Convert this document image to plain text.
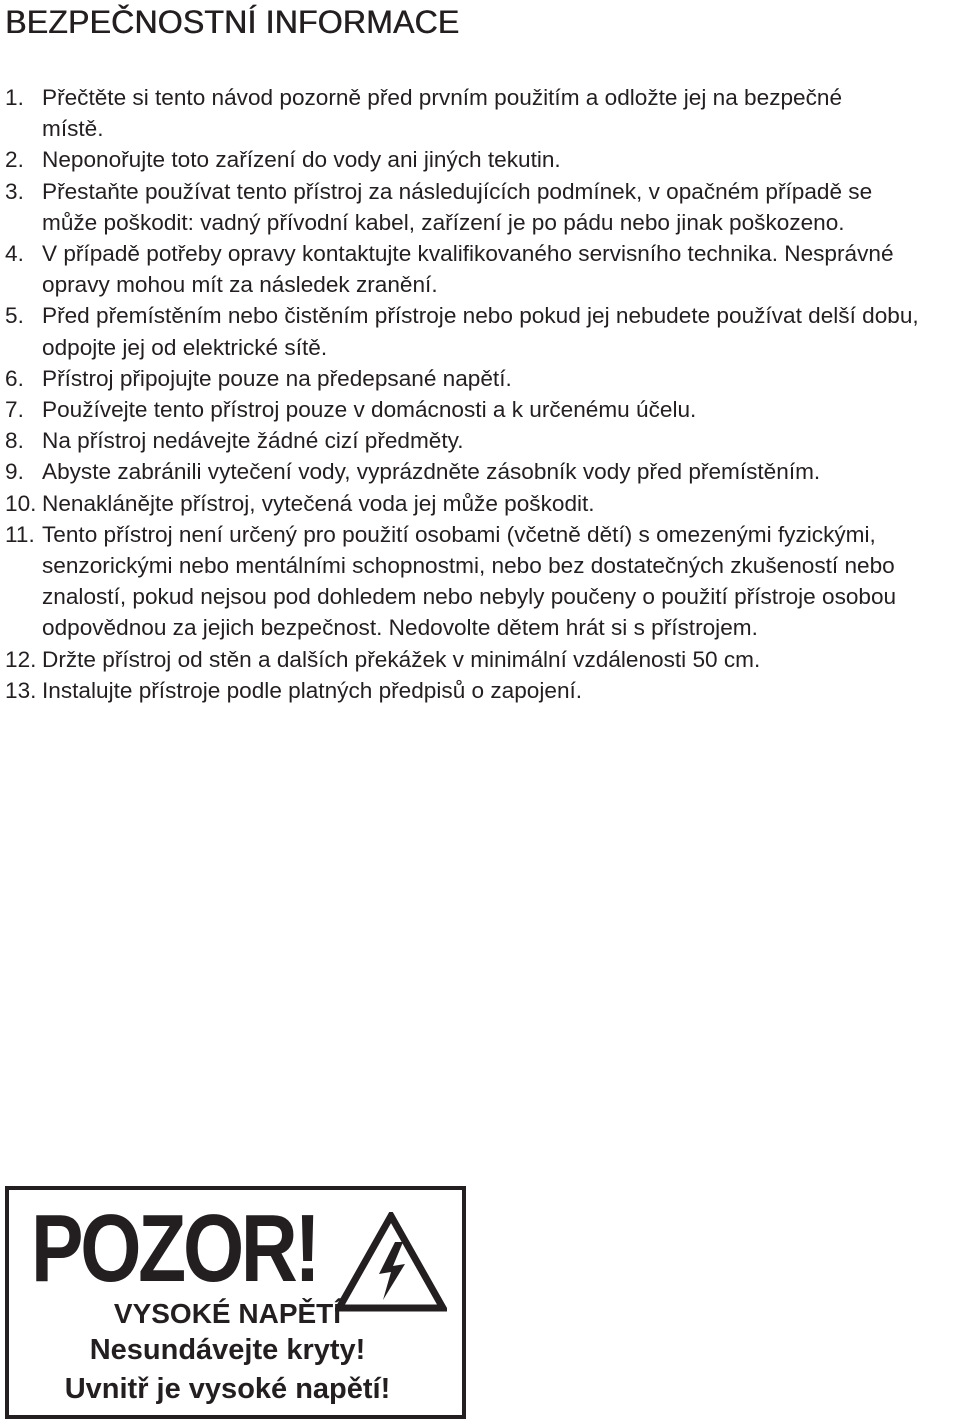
BEZPEČNOSTNÍ INFORMACE
1. Přečtěte si tento návod pozorně před prvním použitím a odložte jej na bezpečné místě.
2. Neponořujte toto zařízení do vody ani jiných tekutin.
3. Přestaňte používat tento přístroj za následujících podmínek, v opačném případě se může poškodit: vadný přívodní kabel, zařízení je po pádu nebo jinak poškozeno.
4. V případě potřeby opravy kontaktujte kvalifikovaného servisního technika. Nesprávné opravy mohou mít za následek zranění.
5. Před přemístěním nebo čistěním přístroje nebo pokud jej nebudete používat delší dobu, odpojte jej od elektrické sítě.
6. Přístroj připojujte pouze na předepsané napětí.
7. Používejte tento přístroj pouze v domácnosti a k určenému účelu.
8. Na přístroj nedávejte žádné cizí předměty.
9. Abyste zabránili vytečení vody, vyprázdněte zásobník vody před přemístěním.
10. Nenaklánějte přístroj, vytečená voda jej může poškodit.
11. Tento přístroj není určený pro použití osobami (včetně dětí) s omezenými fyzickými, senzorickými nebo mentálními schopnostmi, nebo bez dostatečných zkušeností nebo znalostí, pokud nejsou pod dohledem nebo nebyly poučeny o použití přístroje osobou odpovědnou za jejich bezpečnost. Nedovolte dětem hrát si s přístrojem.
12. Držte přístroj od stěn a dalších překážek v minimální vzdálenosti 50 cm.
13. Instalujte přístroje podle platných předpisů o zapojení.
POZOR!
VYSOKÉ NAPĚTÍ
Nesundávejte kryty!
Uvnitř je vysoké napětí!
